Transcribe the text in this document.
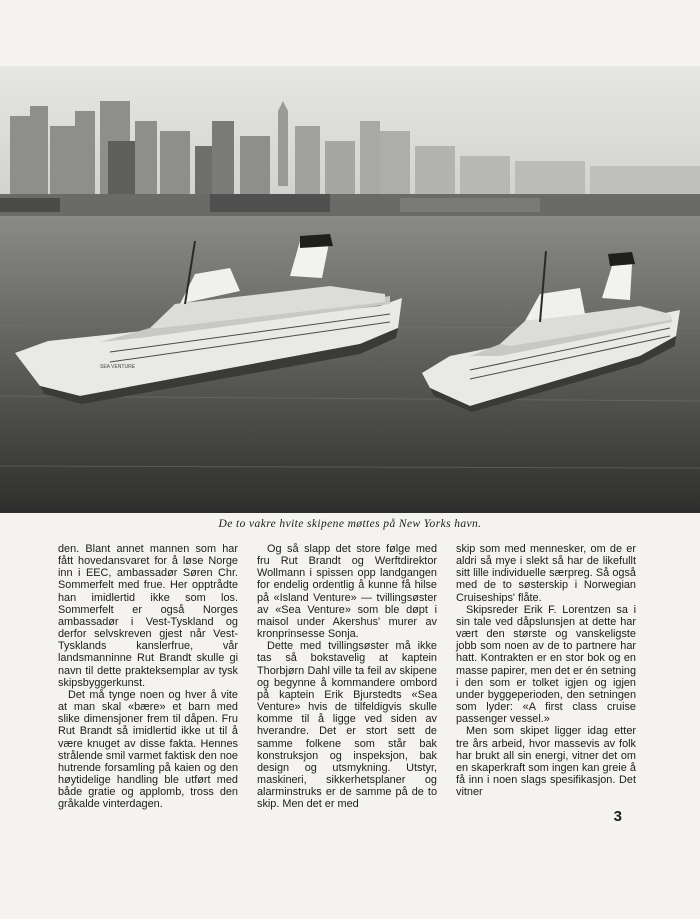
SEA VENTURE
De to vakre hvite skipene møttes på New Yorks havn.

den. Blant annet mannen som har fått hovedansvaret for å løse Norge inn i EEC, ambassadør Søren Chr. Sommerfelt med frue. Her opptrådte han imidlertid ikke som los. Sommerfelt er også Norges ambassadør i Vest-Tyskland og derfor selvskreven gjest når Vest-Tysklands kanslerfrue, vår landsmanninne Rut Brandt skulle gi navn til dette prakteksemplar av tysk skipsbyggerkunst.

Det må tynge noen og hver å vite at man skal «bære» et barn med slike dimensjoner frem til dåpen. Fru Rut Brandt så imidlertid ikke ut til å være knuget av disse fakta. Hennes strålende smil varmet faktisk den noe hutrende forsamling på kaien og den høytidelige handling ble utført med både gratie og applomb, tross den gråkalde vinterdagen.

Og så slapp det store følge med fru Rut Brandt og Werftdirektor Wollmann i spissen opp landgangen for endelig ordentlig å kunne få hilse på «Island Venture» — tvillingsøster av «Sea Venture» som ble døpt i maisol under Akershus' murer av kronprinsesse Sonja.

Dette med tvillingsøster må ikke tas så bokstavelig at kaptein Thorbjørn Dahl ville ta feil av skipene og begynne å kommandere ombord på kaptein Erik Bjurstedts «Sea Venture» hvis de tilfeldigvis skulle komme til å ligge ved siden av hverandre. Det er stort sett de samme folkene som står bak konstruksjon og inspeksjon, bak design og utsmykning. Utstyr, maskineri, sikkerhetsplaner og alarminstruks er de samme på de to skip. Men det er med

skip som med mennesker, om de er aldri så mye i slekt så har de likefullt sitt lille individuelle særpreg. Så også med de to søsterskip i Norwegian Cruiseships' flåte.

Skipsreder Erik F. Lorentzen sa i sin tale ved dåpslunsjen at dette har vært den største og vanskeligste jobb som noen av de to partnere har hatt. Kontrakten er en stor bok og en masse papirer, men det er én setning i den som er tolket igjen og igjen under byggeperioden, den setningen som lyder: «A first class cruise passenger vessel.»

Men som skipet ligger idag etter tre års arbeid, hvor massevis av folk har brukt all sin energi, vitner det om en skaperkraft som ingen kan greie å få inn i noen slags spesifikasjon. Det vitner

3
